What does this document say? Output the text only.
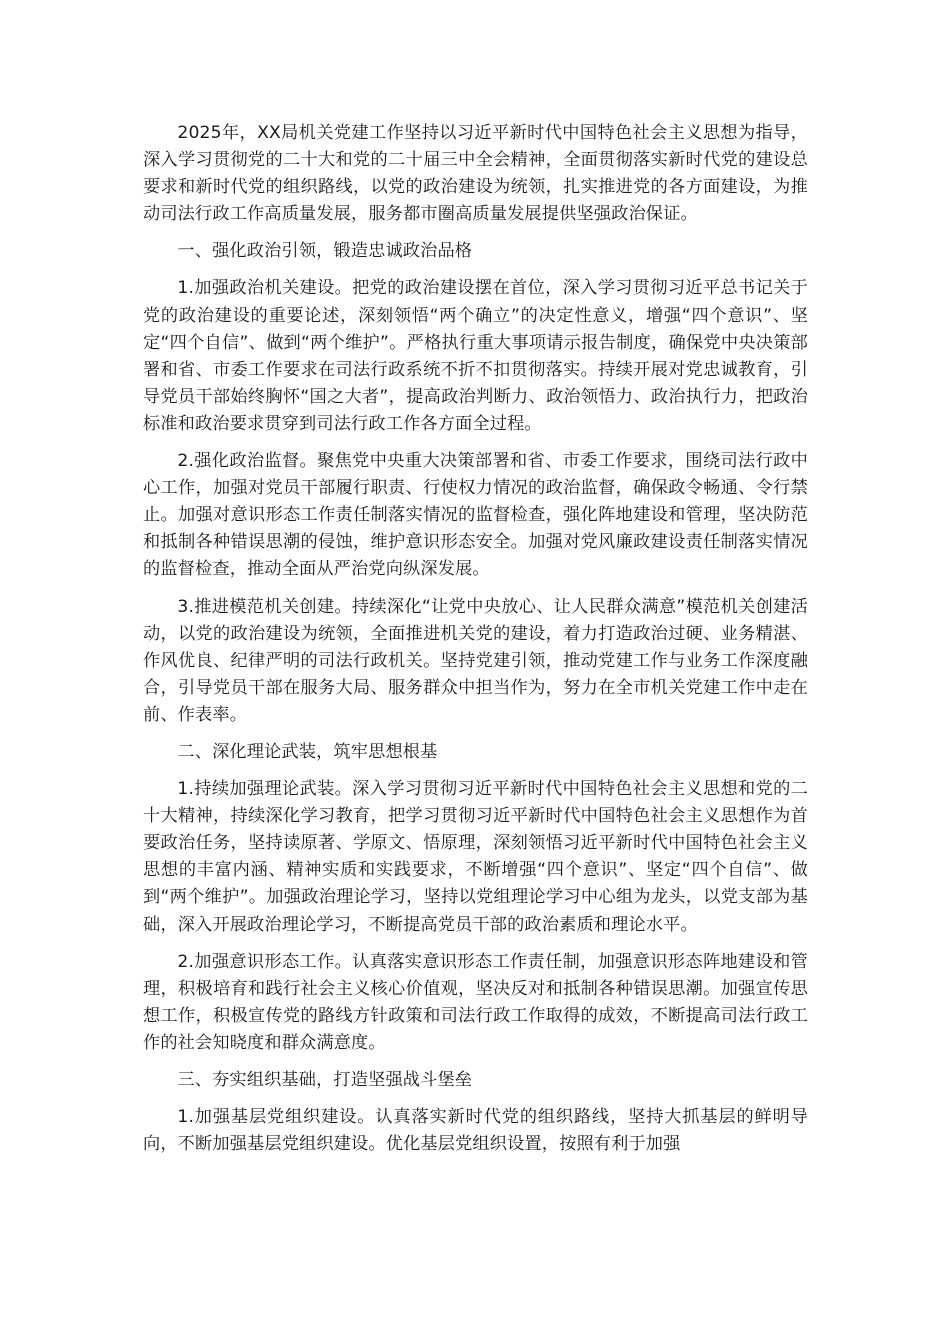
2025年，XX局机关党建工作坚持以习近平新时代中国特色社会主义思想为指导，深入学习贯彻党的二十大和党的二十届三中全会精神，全面贯彻落实新时代党的建设总要求和新时代党的组织路线，以党的政治建设为统领，扎实推进党的各方面建设，为推动司法行政工作高质量发展，服务都市圈高质量发展提供坚强政治保证。

一、强化政治引领，锻造忠诚政治品格

1.加强政治机关建设。把党的政治建设摆在首位，深入学习贯彻习近平总书记关于党的政治建设的重要论述，深刻领悟“两个确立”的决定性意义，增强“四个意识”、坚定“四个自信”、做到“两个维护”。严格执行重大事项请示报告制度，确保党中央决策部署和省、市委工作要求在司法行政系统不折不扣贯彻落实。持续开展对党忠诚教育，引导党员干部始终胸怀“国之大者”，提高政治判断力、政治领悟力、政治执行力，把政治标准和政治要求贯穿到司法行政工作各方面全过程。

2.强化政治监督。聚焦党中央重大决策部署和省、市委工作要求，围绕司法行政中心工作，加强对党员干部履行职责、行使权力情况的政治监督，确保政令畅通、令行禁止。加强对意识形态工作责任制落实情况的监督检查，强化阵地建设和管理，坚决防范和抵制各种错误思潮的侵蚀，维护意识形态安全。加强对党风廉政建设责任制落实情况的监督检查，推动全面从严治党向纵深发展。

3.推进模范机关创建。持续深化“让党中央放心、让人民群众满意”模范机关创建活动，以党的政治建设为统领，全面推进机关党的建设，着力打造政治过硬、业务精湛、作风优良、纪律严明的司法行政机关。坚持党建引领，推动党建工作与业务工作深度融合，引导党员干部在服务大局、服务群众中担当作为，努力在全市机关党建工作中走在前、作表率。

二、深化理论武装，筑牢思想根基

1.持续加强理论武装。深入学习贯彻习近平新时代中国特色社会主义思想和党的二十大精神，持续深化学习教育，把学习贯彻习近平新时代中国特色社会主义思想作为首要政治任务，坚持读原著、学原文、悟原理，深刻领悟习近平新时代中国特色社会主义思想的丰富内涵、精神实质和实践要求，不断增强“四个意识”、坚定“四个自信”、做到“两个维护”。加强政治理论学习，坚持以党组理论学习中心组为龙头，以党支部为基础，深入开展政治理论学习，不断提高党员干部的政治素质和理论水平。

2.加强意识形态工作。认真落实意识形态工作责任制，加强意识形态阵地建设和管理，积极培育和践行社会主义核心价值观，坚决反对和抵制各种错误思潮。加强宣传思想工作，积极宣传党的路线方针政策和司法行政工作取得的成效，不断提高司法行政工作的社会知晓度和群众满意度。

三、夯实组织基础，打造坚强战斗堡垒

1.加强基层党组织建设。认真落实新时代党的组织路线，坚持大抓基层的鲜明导向，不断加强基层党组织建设。优化基层党组织设置，按照有利于加强
